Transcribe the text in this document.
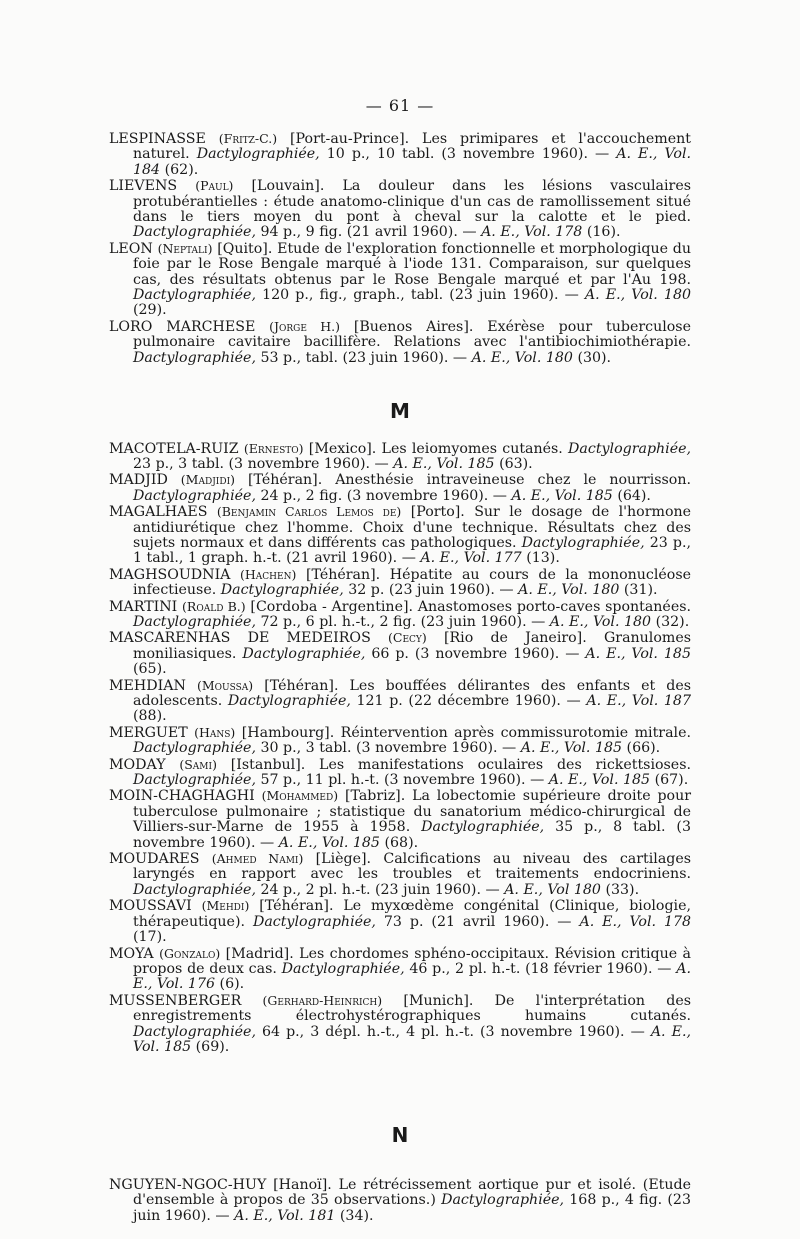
— 61 —

LESPINASSE (Fritz-C.) [Port-au-Prince]. Les primipares et l'accouchement naturel. Dactylographiée, 10 p., 10 tabl. (3 novembre 1960). — A. E., Vol. 184 (62).

LIEVENS (Paul) [Louvain]. La douleur dans les lésions vasculaires protubérantielles : étude anatomo-clinique d'un cas de ramollissement situé dans le tiers moyen du pont à cheval sur la calotte et le pied. Dactylographiée, 94 p., 9 fig. (21 avril 1960). — A. E., Vol. 178 (16).

LEON (Neptali) [Quito]. Etude de l'exploration fonctionnelle et morphologique du foie par le Rose Bengale marqué à l'iode 131. Comparaison, sur quelques cas, des résultats obtenus par le Rose Bengale marqué et par l'Au 198. Dactylographiée, 120 p., fig., graph., tabl. (23 juin 1960). — A. E., Vol. 180 (29).

LORO MARCHESE (Jorge H.) [Buenos Aires]. Exérèse pour tuberculose pulmonaire cavitaire bacillifère. Relations avec l'antibiochimiothérapie. Dactylographiée, 53 p., tabl. (23 juin 1960). — A. E., Vol. 180 (30).

M

MACOTELA-RUIZ (Ernesto) [Mexico]. Les leiomyomes cutanés. Dactylographiée, 23 p., 3 tabl. (3 novembre 1960). — A. E., Vol. 185 (63).

MADJID (Madjidi) [Téhéran]. Anesthésie intraveineuse chez le nourrisson. Dactylographiée, 24 p., 2 fig. (3 novembre 1960). — A. E., Vol. 185 (64).

MAGALHAES (Benjamin Carlos Lemos de) [Porto]. Sur le dosage de l'hormone antidiurétique chez l'homme. Choix d'une technique. Résultats chez des sujets normaux et dans différents cas pathologiques. Dactylographiée, 23 p., 1 tabl., 1 graph. h.-t. (21 avril 1960). — A. E., Vol. 177 (13).

MAGHSOUDNIA (Hachen) [Téhéran]. Hépatite au cours de la mononucléose infectieuse. Dactylographiée, 32 p. (23 juin 1960). — A. E., Vol. 180 (31).

MARTINI (Roald B.) [Cordoba - Argentine]. Anastomoses porto-caves spontanées. Dactylographiée, 72 p., 6 pl. h.-t., 2 fig. (23 juin 1960). — A. E., Vol. 180 (32).

MASCARENHAS DE MEDEIROS (Cecy) [Rio de Janeiro]. Granulomes moniliasiques. Dactylographiée, 66 p. (3 novembre 1960). — A. E., Vol. 185 (65).

MEHDIAN (Moussa) [Téhéran]. Les bouffées délirantes des enfants et des adolescents. Dactylographiée, 121 p. (22 décembre 1960). — A. E., Vol. 187 (88).

MERGUET (Hans) [Hambourg]. Réintervention après commissurotomie mitrale. Dactylographiée, 30 p., 3 tabl. (3 novembre 1960). — A. E., Vol. 185 (66).

MODAY (Sami) [Istanbul]. Les manifestations oculaires des rickettsioses. Dactylographiée, 57 p., 11 pl. h.-t. (3 novembre 1960). — A. E., Vol. 185 (67).

MOIN-CHAGHAGHI (Mohammed) [Tabriz]. La lobectomie supérieure droite pour tuberculose pulmonaire ; statistique du sanatorium médico-chirurgical de Villiers-sur-Marne de 1955 à 1958. Dactylographiée, 35 p., 8 tabl. (3 novembre 1960). — A. E., Vol. 185 (68).

MOUDARES (Ahmed Nami) [Liège]. Calcifications au niveau des cartilages laryngés en rapport avec les troubles et traitements endocriniens. Dactylographiée, 24 p., 2 pl. h.-t. (23 juin 1960). — A. E., Vol 180 (33).

MOUSSAVI (Mehdi) [Téhéran]. Le myxœdème congénital (Clinique, biologie, thérapeutique). Dactylographiée, 73 p. (21 avril 1960). — A. E., Vol. 178 (17).

MOYA (Gonzalo) [Madrid]. Les chordomes sphéno-occipitaux. Révision critique à propos de deux cas. Dactylographiée, 46 p., 2 pl. h.-t. (18 février 1960). — A. E., Vol. 176 (6).

MUSSENBERGER (Gerhard-Heinrich) [Munich]. De l'interprétation des enregistrements électrohystérographiques humains cutanés. Dactylographiée, 64 p., 3 dépl. h.-t., 4 pl. h.-t. (3 novembre 1960). — A. E., Vol. 185 (69).

N

NGUYEN-NGOC-HUY [Hanoï]. Le rétrécissement aortique pur et isolé. (Etude d'ensemble à propos de 35 observations.) Dactylographiée, 168 p., 4 fig. (23 juin 1960). — A. E., Vol. 181 (34).
